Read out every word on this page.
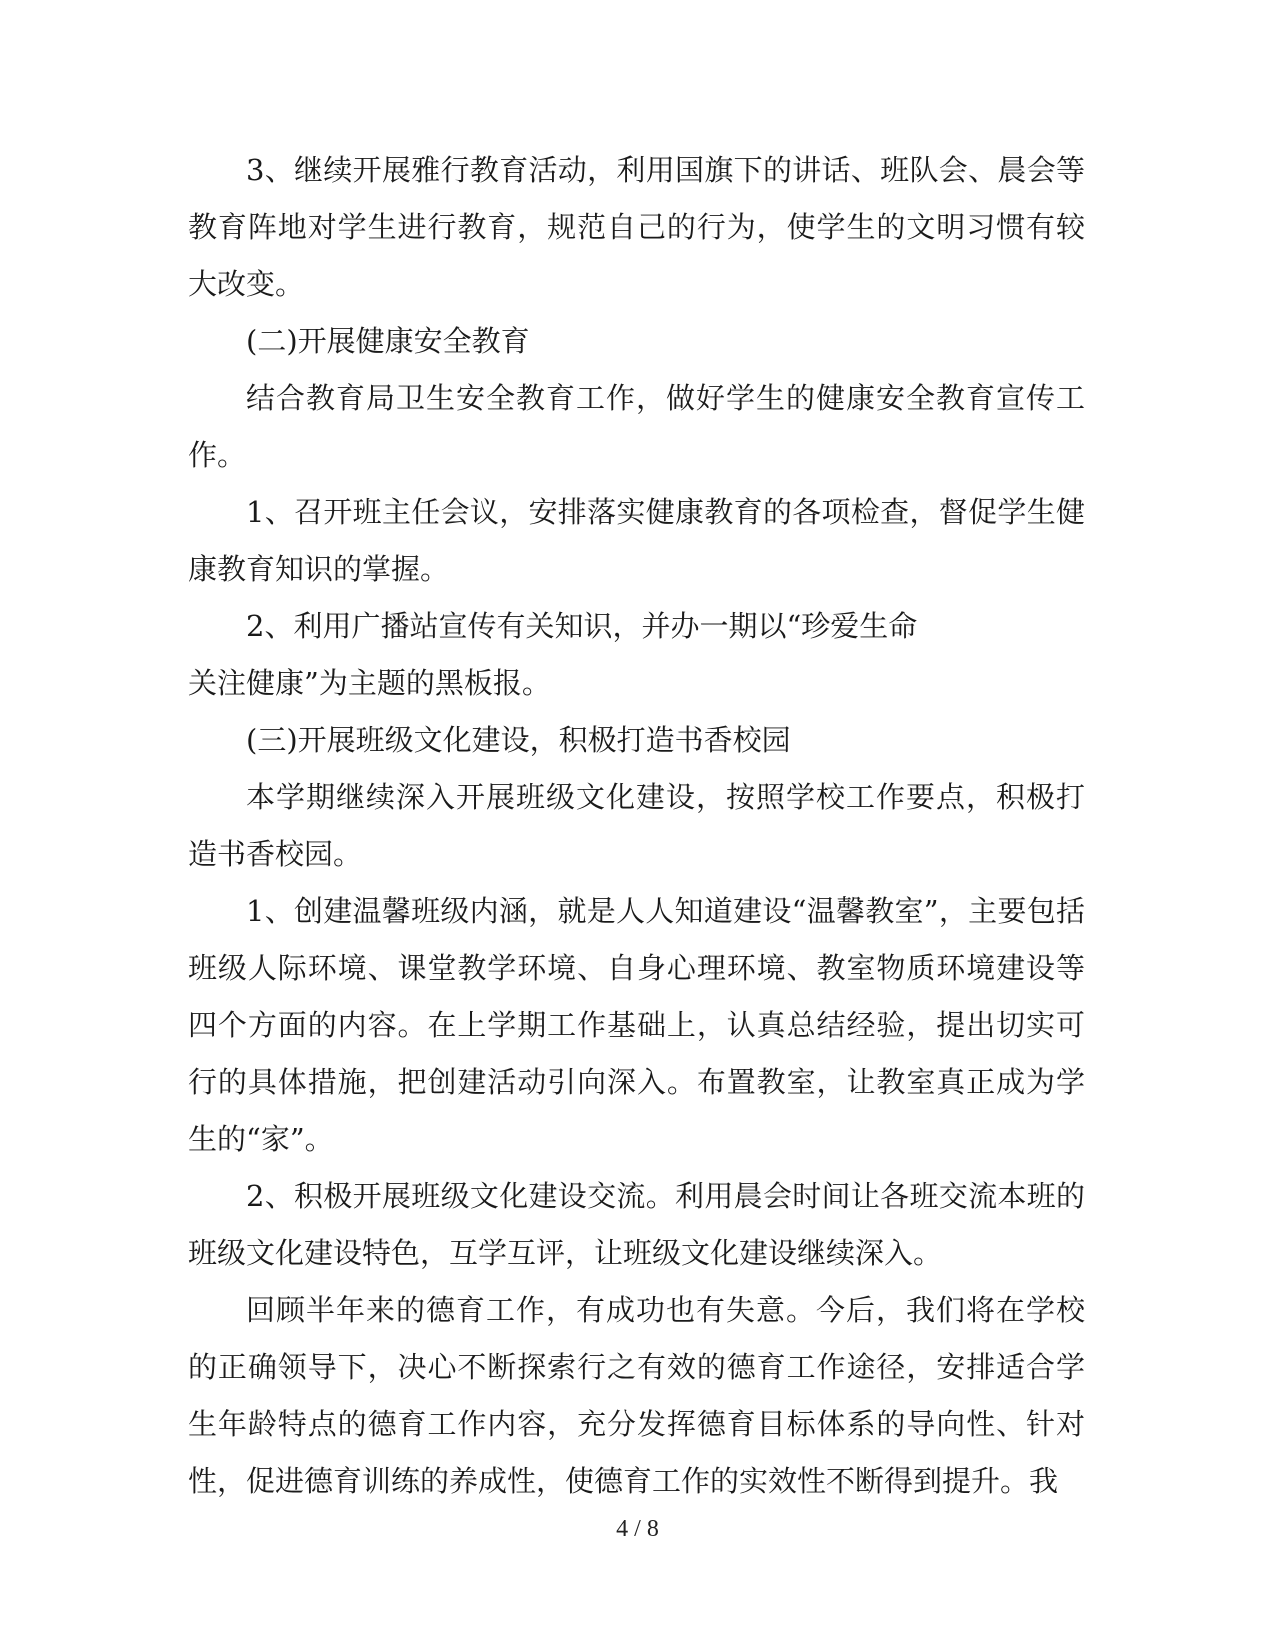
3、继续开展雅行教育活动，利用国旗下的讲话、班队会、晨会等教育阵地对学生进行教育，规范自己的行为，使学生的文明习惯有较大改变。

(二)开展健康安全教育

结合教育局卫生安全教育工作，做好学生的健康安全教育宣传工作。

1、召开班主任会议，安排落实健康教育的各项检查，督促学生健康教育知识的掌握。

2、利用广播站宣传有关知识，并办一期以“珍爱生命

关注健康”为主题的黑板报。

(三)开展班级文化建设，积极打造书香校园

本学期继续深入开展班级文化建设，按照学校工作要点，积极打造书香校园。

1、创建温馨班级内涵，就是人人知道建设“温馨教室”，主要包括班级人际环境、课堂教学环境、自身心理环境、教室物质环境建设等四个方面的内容。在上学期工作基础上，认真总结经验，提出切实可行的具体措施，把创建活动引向深入。布置教室，让教室真正成为学生的“家”。

2、积极开展班级文化建设交流。利用晨会时间让各班交流本班的班级文化建设特色，互学互评，让班级文化建设继续深入。

回顾半年来的德育工作，有成功也有失意。今后，我们将在学校的正确领导下，决心不断探索行之有效的德育工作途径，安排适合学生年龄特点的德育工作内容，充分发挥德育目标体系的导向性、针对性，促进德育训练的养成性，使德育工作的实效性不断得到提升。我

4 / 8
